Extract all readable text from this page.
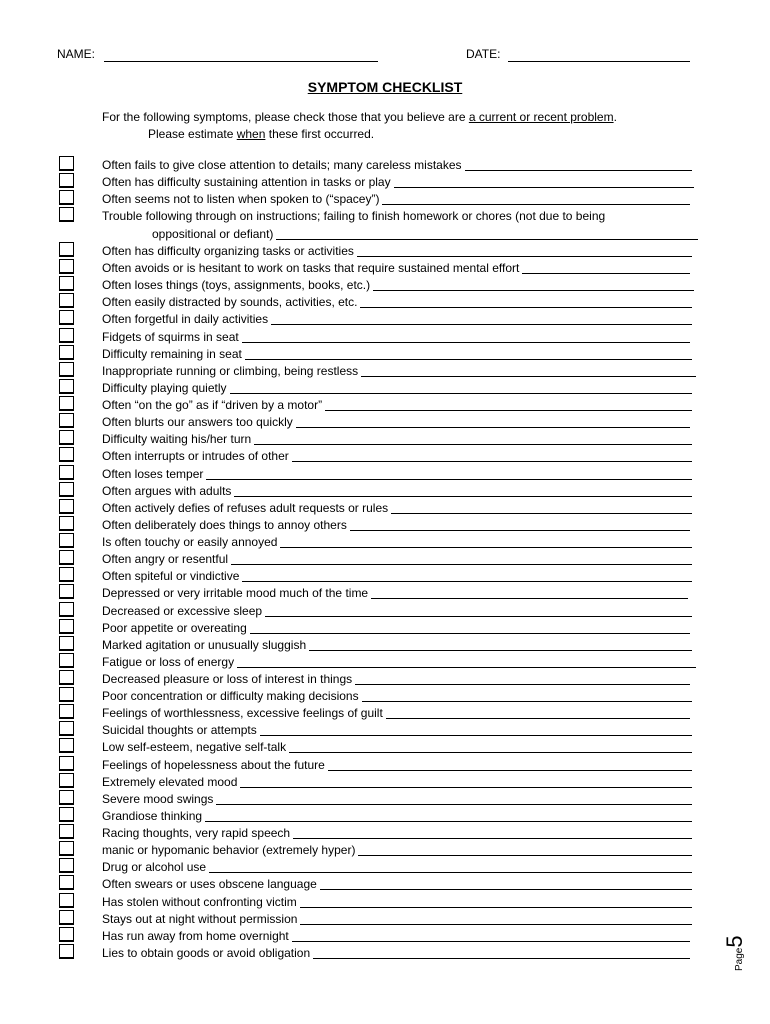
NAME:	DATE:
SYMPTOM CHECKLIST
For the following symptoms, please check those that you believe are a current or recent problem.
Please estimate when these first occurred.
Often fails to give close attention to details; many careless mistakes
Often has difficulty sustaining attention in tasks or play
Often seems not to listen when spoken to (“spacey”)
Trouble following through on instructions; failing to finish homework or chores (not due to being
Often has difficulty organizing tasks or activities
Often avoids or is hesitant to work on tasks that require sustained mental effort
Often loses things (toys, assignments, books, etc.)
Often easily distracted by sounds, activities, etc.
Often forgetful in daily activities
Fidgets of squirms in seat
Difficulty remaining in seat
Inappropriate running or climbing, being restless
Difficulty playing quietly
Often “on the go” as if “driven by a motor”
Often blurts our answers too quickly
Difficulty waiting his/her turn
Often interrupts or intrudes of other
Often loses temper
Often argues with adults
Often actively defies of refuses adult requests or rules
Often deliberately does things to annoy others
Is often touchy or easily annoyed
Often angry or resentful
Often spiteful or vindictive
Depressed or very irritable mood much of the time
Decreased or excessive sleep
Poor appetite or overeating
Marked agitation or unusually sluggish
Fatigue or loss of energy
Decreased pleasure or loss of interest in things
Poor concentration or difficulty making decisions
Feelings of worthlessness, excessive feelings of guilt
Suicidal thoughts or attempts
Low self-esteem, negative self-talk
Feelings of hopelessness about the future
Extremely elevated mood
Severe mood swings
Grandiose thinking
Racing thoughts, very rapid speech
manic or hypomanic behavior (extremely hyper)
Drug or alcohol use
Often swears or uses obscene language
Has stolen without confronting victim
Stays out at night without permission
Has run away from home overnight
Lies to obtain goods or avoid obligation
oppositional or defiant)
Page5
